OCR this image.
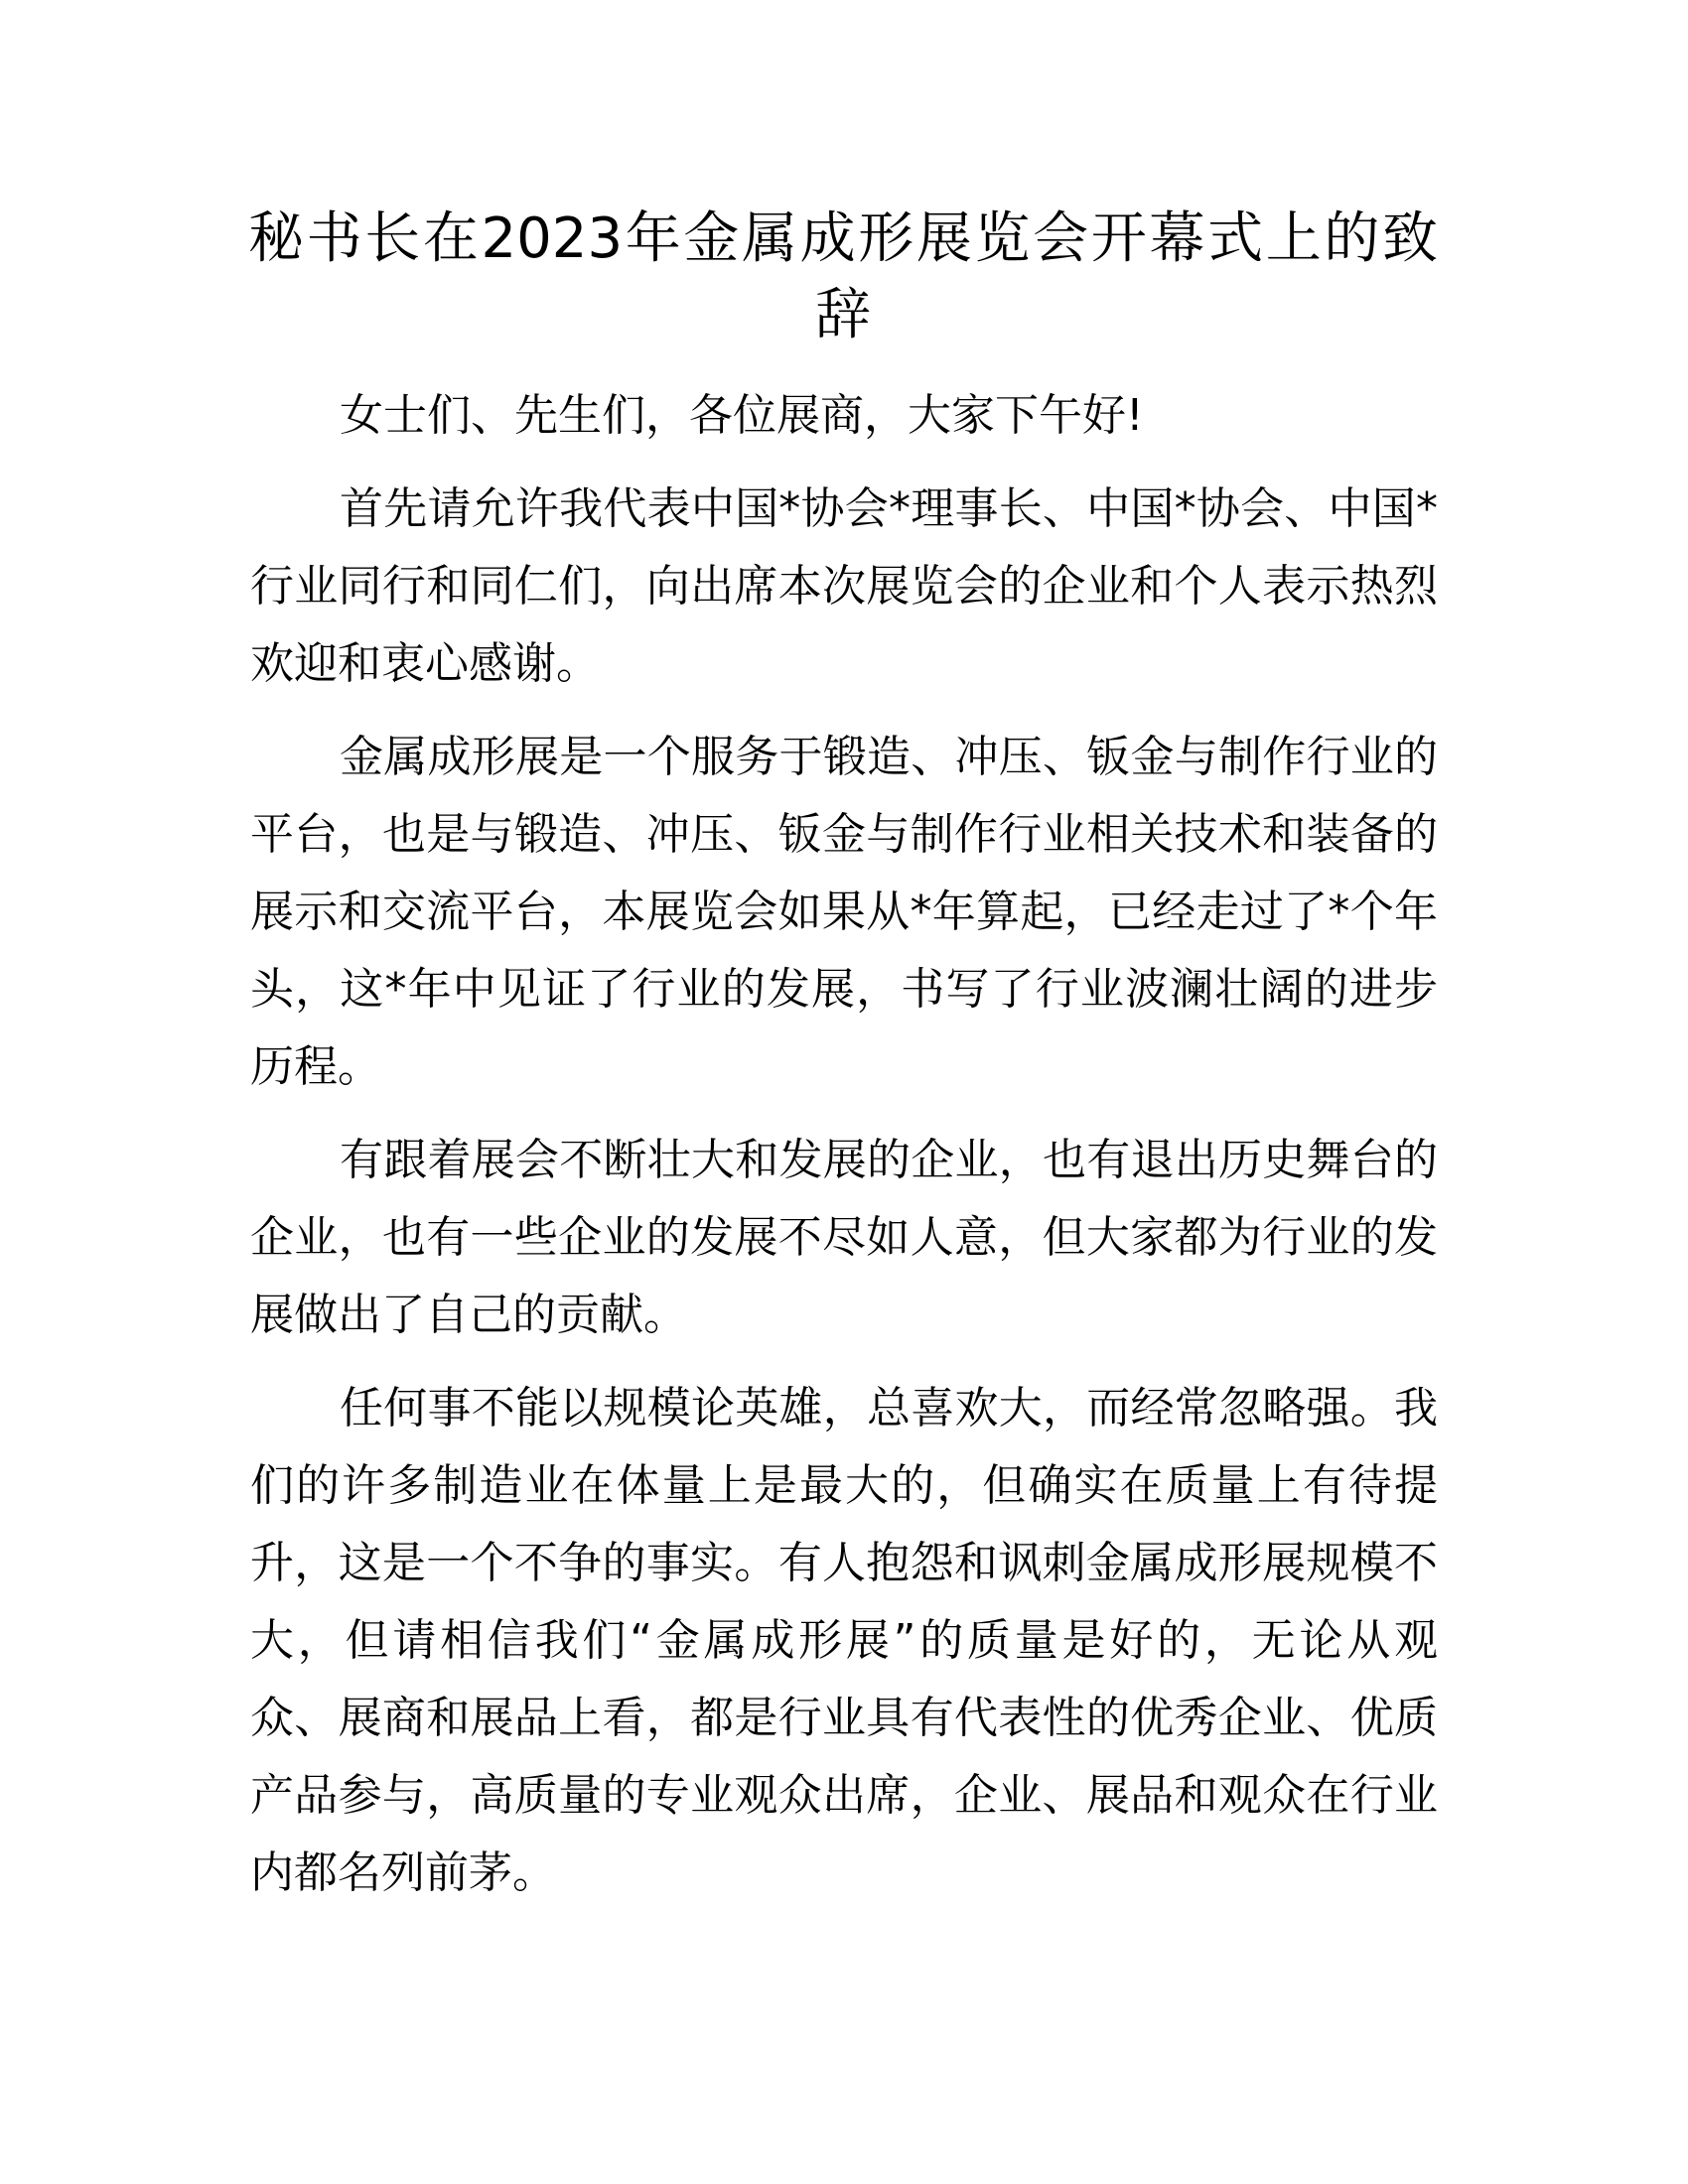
秘书长在2023年金属成形展览会开幕式上的致
辞

女士们、先生们，各位展商，大家下午好!

首先请允许我代表中国*协会*理事长、中国*协会、中国*
行业同行和同仁们，向出席本次展览会的企业和个人表示热烈
欢迎和衷心感谢。

金属成形展是一个服务于锻造、冲压、钣金与制作行业的
平台，也是与锻造、冲压、钣金与制作行业相关技术和装备的
展示和交流平台，本展览会如果从*年算起，已经走过了*个年
头，这*年中见证了行业的发展，书写了行业波澜壮阔的进步
历程。

有跟着展会不断壮大和发展的企业，也有退出历史舞台的
企业，也有一些企业的发展不尽如人意，但大家都为行业的发
展做出了自己的贡献。

任何事不能以规模论英雄，总喜欢大，而经常忽略强。我
们的许多制造业在体量上是最大的，但确实在质量上有待提
升，这是一个不争的事实。有人抱怨和讽刺金属成形展规模不
大，但请相信我们“金属成形展”的质量是好的，无论从观
众、展商和展品上看，都是行业具有代表性的优秀企业、优质
产品参与，高质量的专业观众出席，企业、展品和观众在行业
内都名列前茅。
